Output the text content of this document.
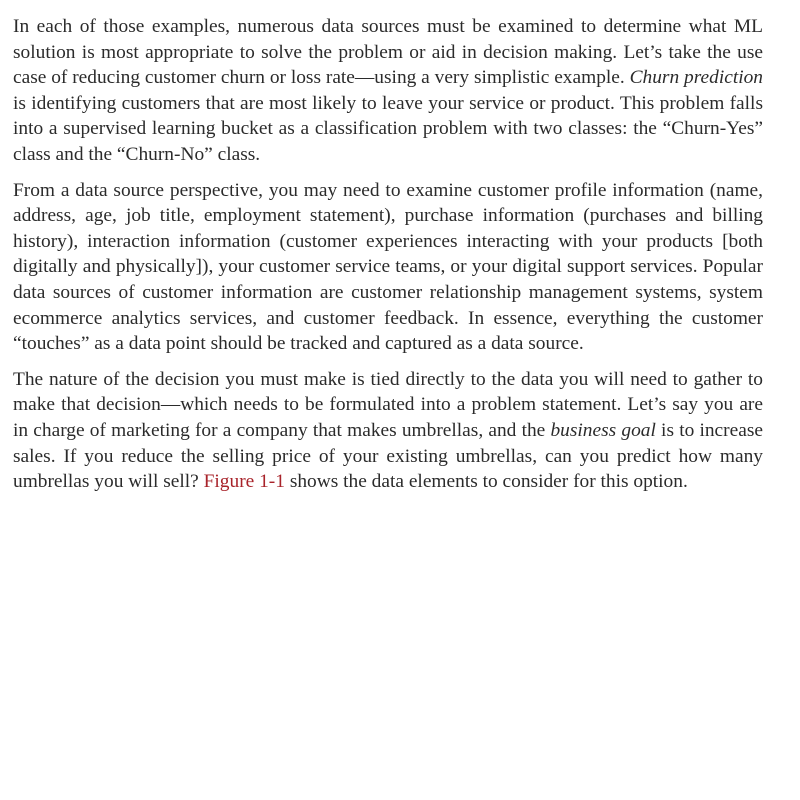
In each of those examples, numerous data sources must be examined to determine what ML solution is most appropriate to solve the problem or aid in decision making. Let’s take the use case of reducing customer churn or loss rate—using a very simplistic example. Churn prediction is identifying customers that are most likely to leave your service or product. This problem falls into a supervised learning bucket as a classification problem with two classes: the “Churn-Yes” class and the “Churn-No” class.

From a data source perspective, you may need to examine customer profile information (name, address, age, job title, employment statement), purchase information (purchases and billing history), interaction information (customer experiences interacting with your products [both digitally and physically]), your customer service teams, or your digital support services. Popular data sources of customer information are customer relationship management systems, system ecommerce analytics services, and customer feedback. In essence, everything the customer “touches” as a data point should be tracked and captured as a data source.

The nature of the decision you must make is tied directly to the data you will need to gather to make that decision—which needs to be formulated into a problem statement. Let’s say you are in charge of marketing for a company that makes umbrellas, and the business goal is to increase sales. If you reduce the selling price of your existing umbrellas, can you predict how many umbrellas you will sell? Figure 1-1 shows the data elements to consider for this option.
